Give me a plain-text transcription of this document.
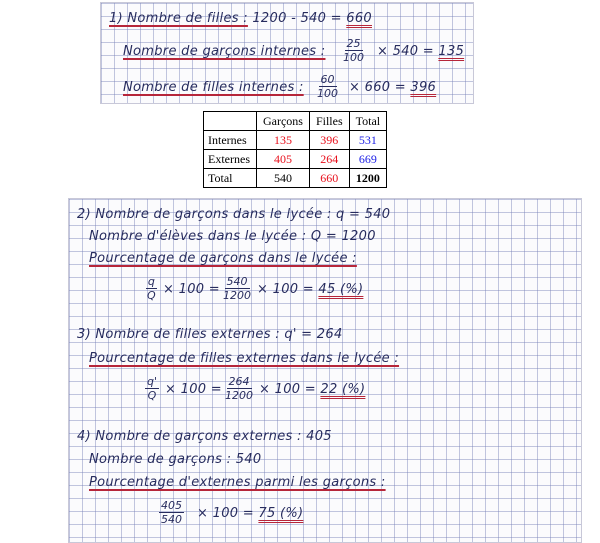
1) Nombre de filles : 1200 - 540 = 660
Nombre de garçons internes : $\frac{25}{100} \times 540 = 135$
Nombre de filles internes : $\frac{60}{100} \times 660 = 396$
	Garçons	Filles	Total
Internes	135	396	531
Externes	405	264	669
Total	540	660	1200
2) Nombre de garçons dans le lycée : q = 540
Nombre d'élèves dans le lycée : Q = 1200
Pourcentage de garçons dans le lycée :
$\frac{q}{Q} \times 100 = \frac{540}{1200} \times 100 = 45$ (%)
3) Nombre de filles externes : q' = 264
Pourcentage de filles externes dans le lycée :
$\frac{q'}{Q} \times 100 = \frac{264}{1200} \times 100 = 22$ (%)
4) Nombre de garçons externes : 405
Nombre de garçons : 540
Pourcentage d'externes parmi les garçons :
$\frac{405}{540} \times 100 = 75$ (%)
